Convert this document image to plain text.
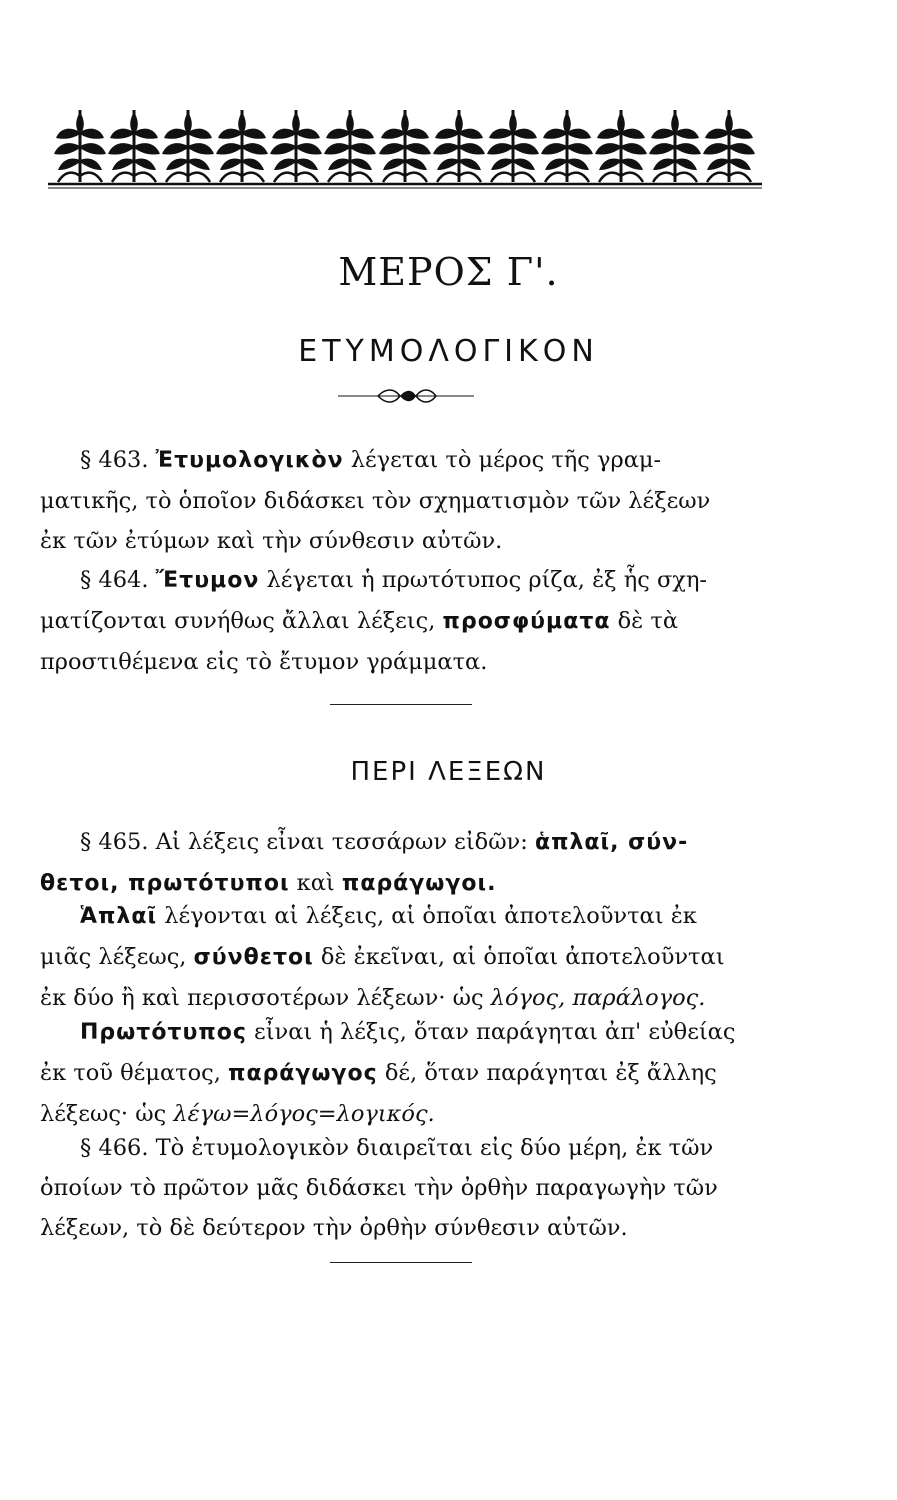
ΜΕΡΟΣ Γ'.
ΕΤΥΜΟΛΟΓΙΚΟΝ
§ 463. Ἐτυμολογικὸν λέγεται τὸ μέρος τῆς γραμ-
ματικῆς, τὸ ὁποῖον διδάσκει τὸν σχηματισμὸν τῶν λέξεων
ἐκ τῶν ἐτύμων καὶ τὴν σύνθεσιν αὐτῶν.
§ 464. Ἔτυμον λέγεται ἡ πρωτότυπος ρίζα, ἐξ ἧς σχη-
ματίζονται συνήθως ἄλλαι λέξεις, προσφύματα δὲ τὰ
προστιθέμενα εἰς τὸ ἔτυμον γράμματα.
ΠΕΡΙ ΛΕΞΕΩΝ
§ 465. Αἱ λέξεις εἶναι τεσσάρων εἰδῶν: ἁπλαῖ, σύν-
θετοι, πρωτότυποι καὶ παράγωγοι.
Ἁπλαῖ λέγονται αἱ λέξεις, αἱ ὁποῖαι ἀποτελοῦνται ἐκ
μιᾶς λέξεως, σύνθετοι δὲ ἐκεῖναι, αἱ ὁποῖαι ἀποτελοῦνται
ἐκ δύο ἢ καὶ περισσοτέρων λέξεων· ὡς λόγος, παράλογος.
Πρωτότυπος εἶναι ἡ λέξις, ὅταν παράγηται ἀπ' εὐθείας
ἐκ τοῦ θέματος, παράγωγος δέ, ὅταν παράγηται ἐξ ἄλλης
λέξεως· ὡς λέγω=λόγος=λογικός.
§ 466. Τὸ ἐτυμολογικὸν διαιρεῖται εἰς δύο μέρη, ἐκ τῶν
ὁποίων τὸ πρῶτον μᾶς διδάσκει τὴν ὀρθὴν παραγωγὴν τῶν
λέξεων, τὸ δὲ δεύτερον τὴν ὀρθὴν σύνθεσιν αὐτῶν.
